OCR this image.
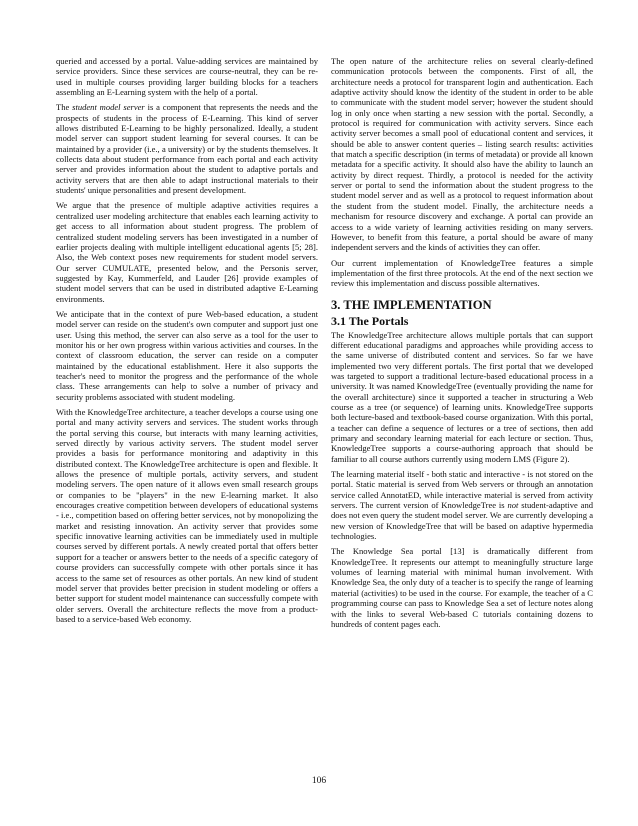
queried and accessed by a portal. Value-adding services are maintained by service providers. Since these services are course-neutral, they can be re-used in multiple courses providing larger building blocks for a teachers assembling an E-Learning system with the help of a portal.

The student model server is a component that represents the needs and the prospects of students in the process of E-Learning. This kind of server allows distributed E-Learning to be highly personalized. Ideally, a student model server can support student learning for several courses. It can be maintained by a provider (i.e., a university) or by the students themselves. It collects data about student performance from each portal and each activity server and provides information about the student to adaptive portals and activity servers that are then able to adapt instructional materials to their students' unique personalities and present development.

We argue that the presence of multiple adaptive activities requires a centralized user modeling architecture that enables each learning activity to get access to all information about student progress. The problem of centralized student modeling servers has been investigated in a number of earlier projects dealing with multiple intelligent educational agents [5; 28]. Also, the Web context poses new requirements for student model servers. Our server CUMULATE, presented below, and the Personis server, suggested by Kay, Kummerfeld, and Lauder [26] provide examples of student model servers that can be used in distributed adaptive E-Learning environments.

We anticipate that in the context of pure Web-based education, a student model server can reside on the student's own computer and support just one user. Using this method, the server can also serve as a tool for the user to monitor his or her own progress within various activities and courses. In the context of classroom education, the server can reside on a computer maintained by the educational establishment. Here it also supports the teacher's need to monitor the progress and the performance of the whole class. These arrangements can help to solve a number of privacy and security problems associated with student modeling.

With the KnowledgeTree architecture, a teacher develops a course using one portal and many activity servers and services. The student works through the portal serving this course, but interacts with many learning activities, served directly by various activity servers. The student model server provides a basis for performance monitoring and adaptivity in this distributed context. The KnowledgeTree architecture is open and flexible. It allows the presence of multiple portals, activity servers, and student modeling servers. The open nature of it allows even small research groups or companies to be "players" in the new E-learning market. It also encourages creative competition between developers of educational systems - i.e., competition based on offering better services, not by monopolizing the market and resisting innovation. An activity server that provides some specific innovative learning activities can be immediately used in multiple courses served by different portals. A newly created portal that offers better support for a teacher or answers better to the needs of a specific category of course providers can successfully compete with other portals since it has access to the same set of resources as other portals. An new kind of student model server that provides better precision in student modeling or offers a better support for student model maintenance can successfully compete with older servers. Overall the architecture reflects the move from a product-based to a service-based Web economy.

The open nature of the architecture relies on several clearly-defined communication protocols between the components. First of all, the architecture needs a protocol for transparent login and authentication. Each adaptive activity should know the identity of the student in order to be able to communicate with the student model server; however the student should log in only once when starting a new session with the portal. Secondly, a protocol is required for communication with activity servers. Since each activity server becomes a small pool of educational content and services, it should be able to answer content queries – listing search results: activities that match a specific description (in terms of metadata) or provide all known metadata for a specific activity. It should also have the ability to launch an activity by direct request. Thirdly, a protocol is needed for the activity server or portal to send the information about the student progress to the student model server and as well as a protocol to request information about the student from the student model. Finally, the architecture needs a mechanism for resource discovery and exchange. A portal can provide an access to a wide variety of learning activities residing on many servers. However, to benefit from this feature, a portal should be aware of many independent servers and the kinds of activities they can offer.

Our current implementation of KnowledgeTree features a simple implementation of the first three protocols. At the end of the next section we review this implementation and discuss possible alternatives.

3. THE IMPLEMENTATION
3.1 The Portals

The KnowledgeTree architecture allows multiple portals that can support different educational paradigms and approaches while providing access to the same universe of distributed content and services. So far we have implemented two very different portals. The first portal that we developed was targeted to support a traditional lecture-based educational process in a university. It was named KnowledgeTree (eventually providing the name for the overall architecture) since it supported a teacher in structuring a Web course as a tree (or sequence) of learning units. KnowledgeTree supports both lecture-based and textbook-based course organization. With this portal, a teacher can define a sequence of lectures or a tree of sections, then add primary and secondary learning material for each lecture or section. Thus, KnowledgeTree supports a course-authoring approach that should be familiar to all course authors currently using modern LMS (Figure 2).

The learning material itself - both static and interactive - is not stored on the portal. Static material is served from Web servers or through an annotation service called AnnotatED, while interactive material is served from activity servers. The current version of KnowledgeTree is not student-adaptive and does not even query the student model server. We are currently developing a new version of KnowledgeTree that will be based on adaptive hypermedia technologies.

The Knowledge Sea portal [13] is dramatically different from KnowledgeTree. It represents our attempt to meaningfully structure large volumes of learning material with minimal human involvement. With Knowledge Sea, the only duty of a teacher is to specify the range of learning material (activities) to be used in the course. For example, the teacher of a C programming course can pass to Knowledge Sea a set of lecture notes along with the links to several Web-based C tutorials containing dozens to hundreds of content pages each.

106
